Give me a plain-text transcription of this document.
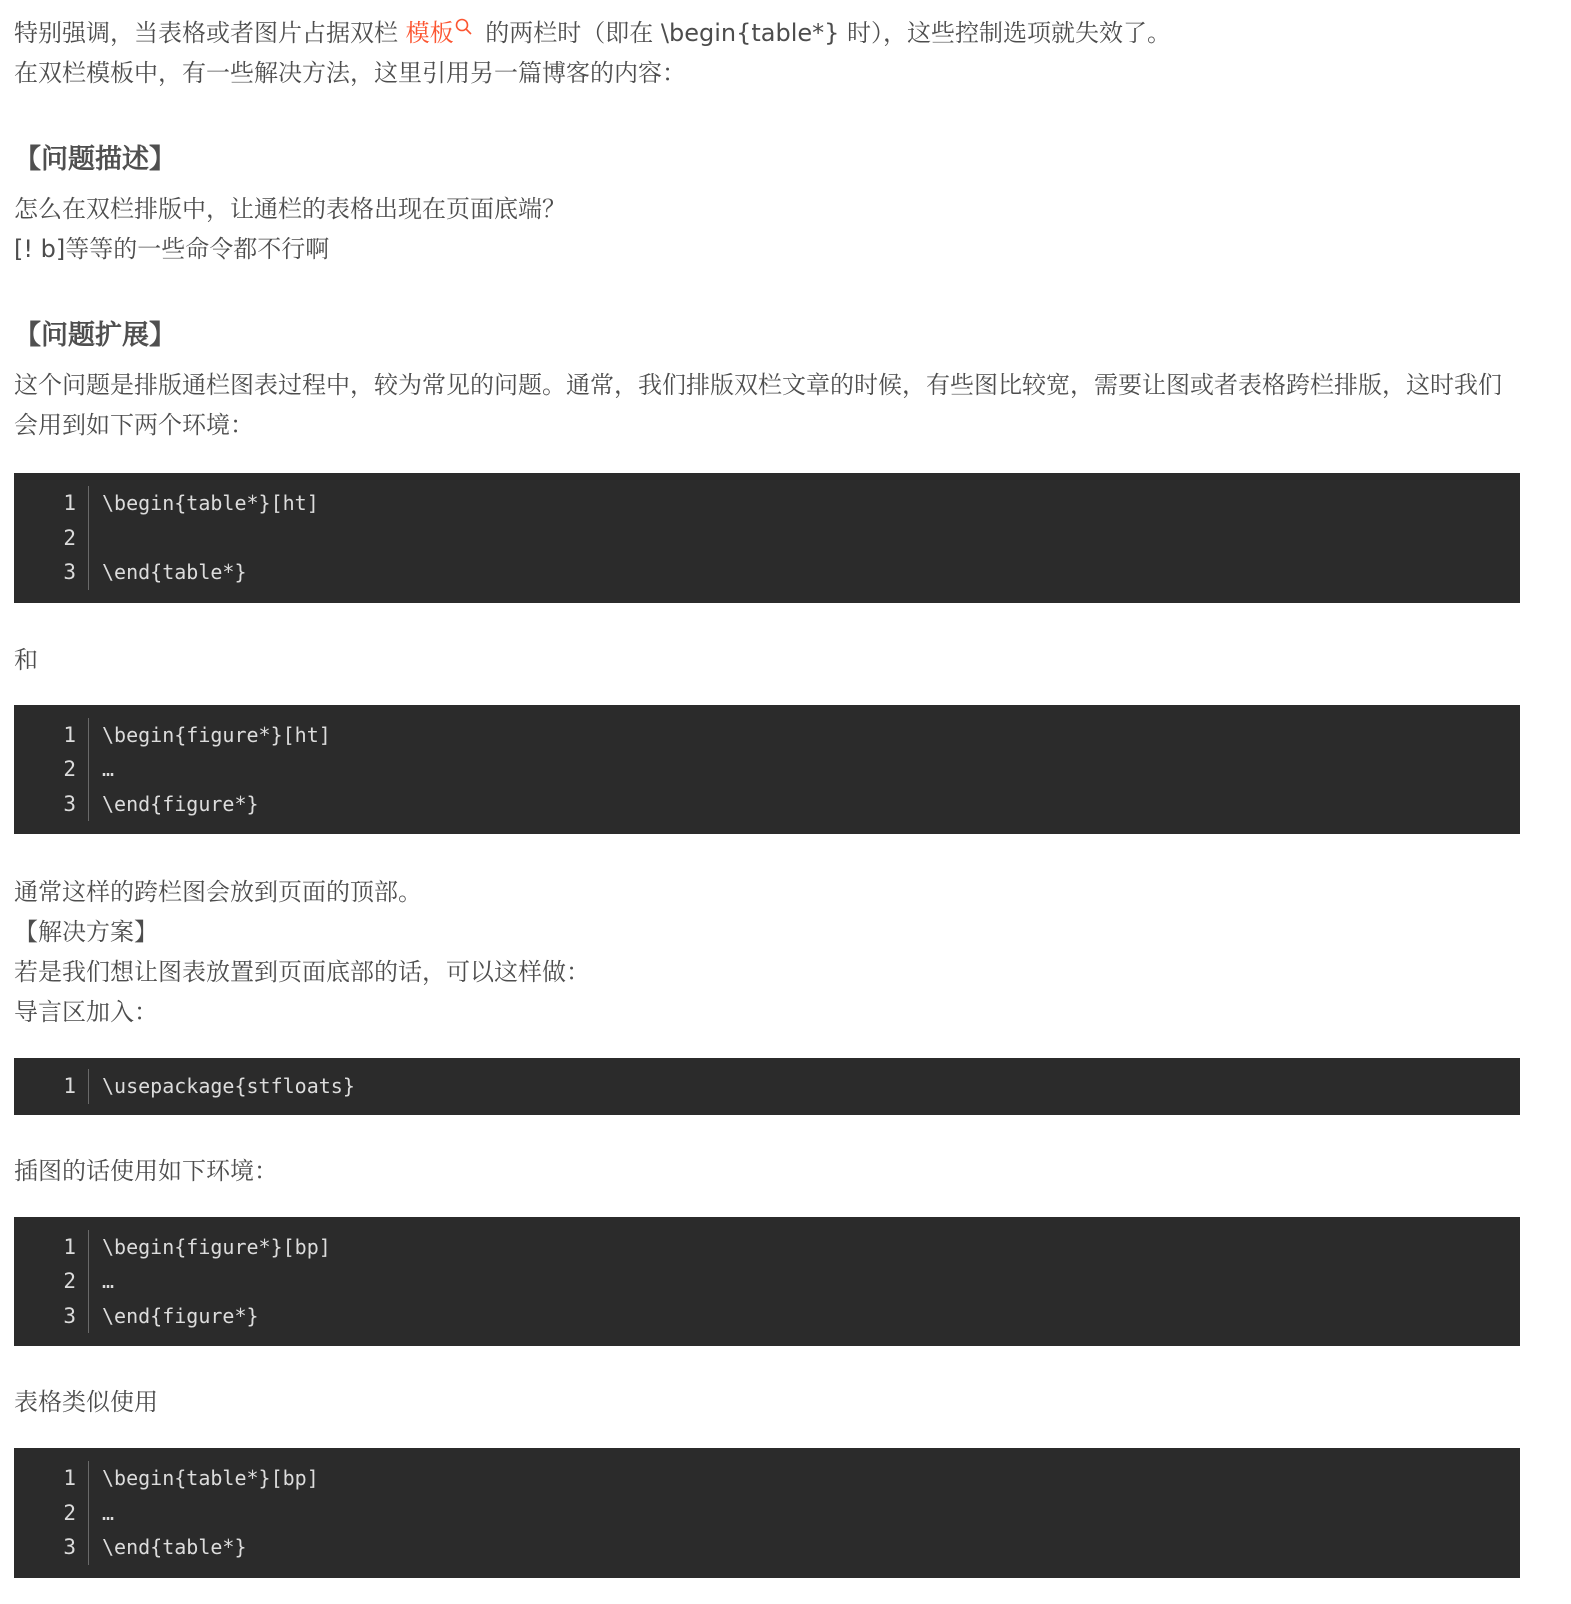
特别强调，当表格或者图片占据双栏 模板 的两栏时（即在 \begin{table*} 时），这些控制选项就失效了。

在双栏模板中，有一些解决方法，这里引用另一篇博客的内容：

【问题描述】

怎么在双栏排版中，让通栏的表格出现在页面底端？

[! b]等等的一些命令都不行啊

【问题扩展】

这个问题是排版通栏图表过程中，较为常见的问题。通常，我们排版双栏文章的时候，有些图比较宽，需要让图或者表格跨栏排版，这时我们会用到如下两个环境：

1	\begin{table*}[ht]
2
3	\end{table*}

和

1	\begin{figure*}[ht]
2	…
3	\end{figure*}

通常这样的跨栏图会放到页面的顶部。

【解决方案】

若是我们想让图表放置到页面底部的话，可以这样做：

导言区加入：

1	\usepackage{stfloats}

插图的话使用如下环境：

1	\begin{figure*}[bp]
2	…
3	\end{figure*}

表格类似使用

1	\begin{table*}[bp]
2	…
3	\end{table*}
